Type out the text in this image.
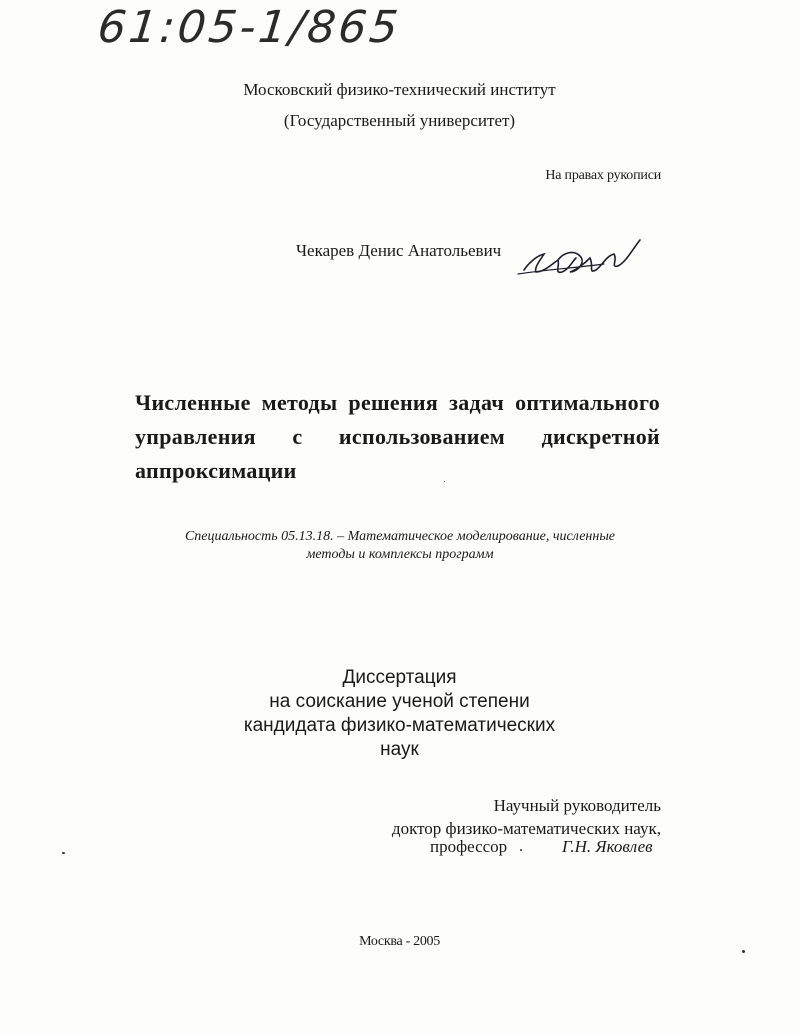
61:05-1/865

Московский физико-технический институт

(Государственный университет)

На правах рукописи

Чекарев Денис Анатольевич

Численные методы решения задач оптимального управления с использованием дискретной аппроксимации

Специальность 05.13.18. – Математическое моделирование, численные методы и комплексы программ

Диссертация

на соискание ученой степени

кандидата физико-математических

наук

Научный руководитель

доктор физико-математических наук,

профессор	Г.Н. Яковлев

Москва - 2005
